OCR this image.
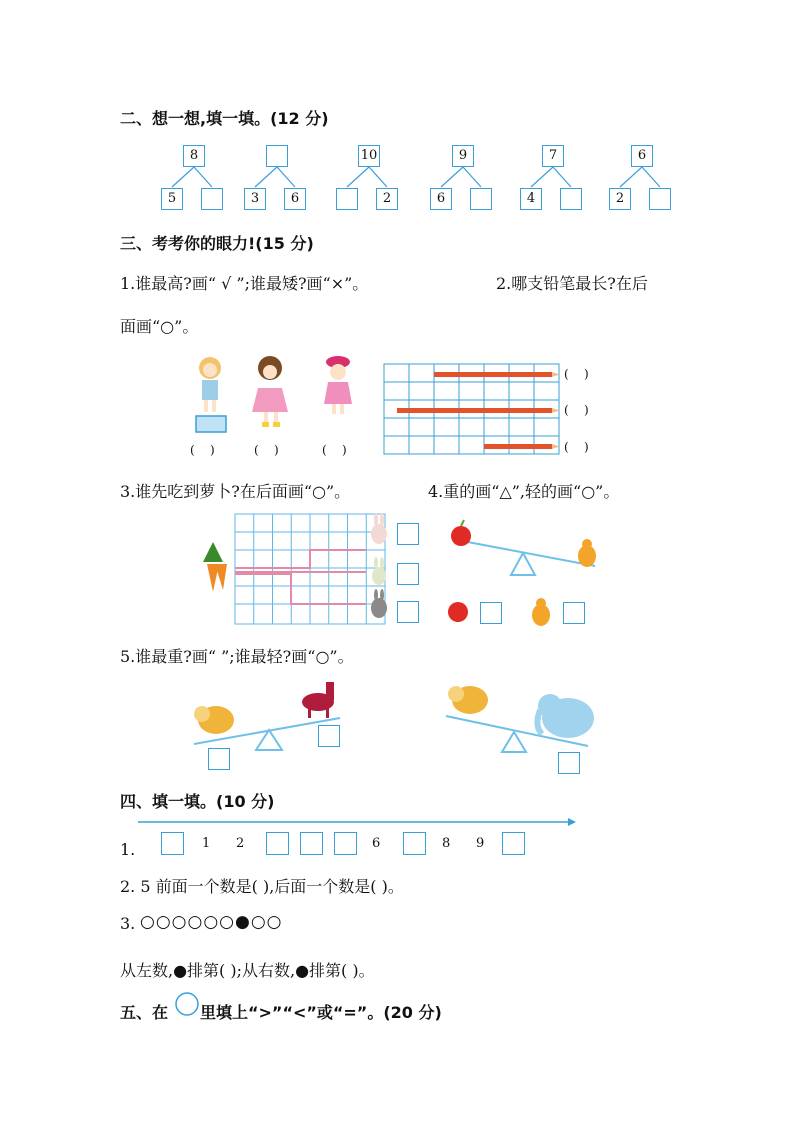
二、想一想,填一填。(12 分)
8
5	3	6
10
2
9
6
7
4
6
2
三、考考你的眼力!(15 分)
1.谁最高?画“ √ ”;谁最矮?画“×”。	2.哪支铅笔最长?在后
面画“○”。
(    )	(    )	(    )
(    )
(    )
(    )
3.谁先吃到萝卜?在后面画“○”。	4.重的画“△”,轻的画“○”。
5.谁最重?画“ ”;谁最轻?画“○”。
四、填一填。(10 分)
1.	1 2	6	8 9
2. 5 前面一个数是( ),后面一个数是( )。
3. ○○○○○○●○○
从左数,●排第( );从右数,●排第( )。
五、在 里填上“>”“<”或“=”。(20 分)
